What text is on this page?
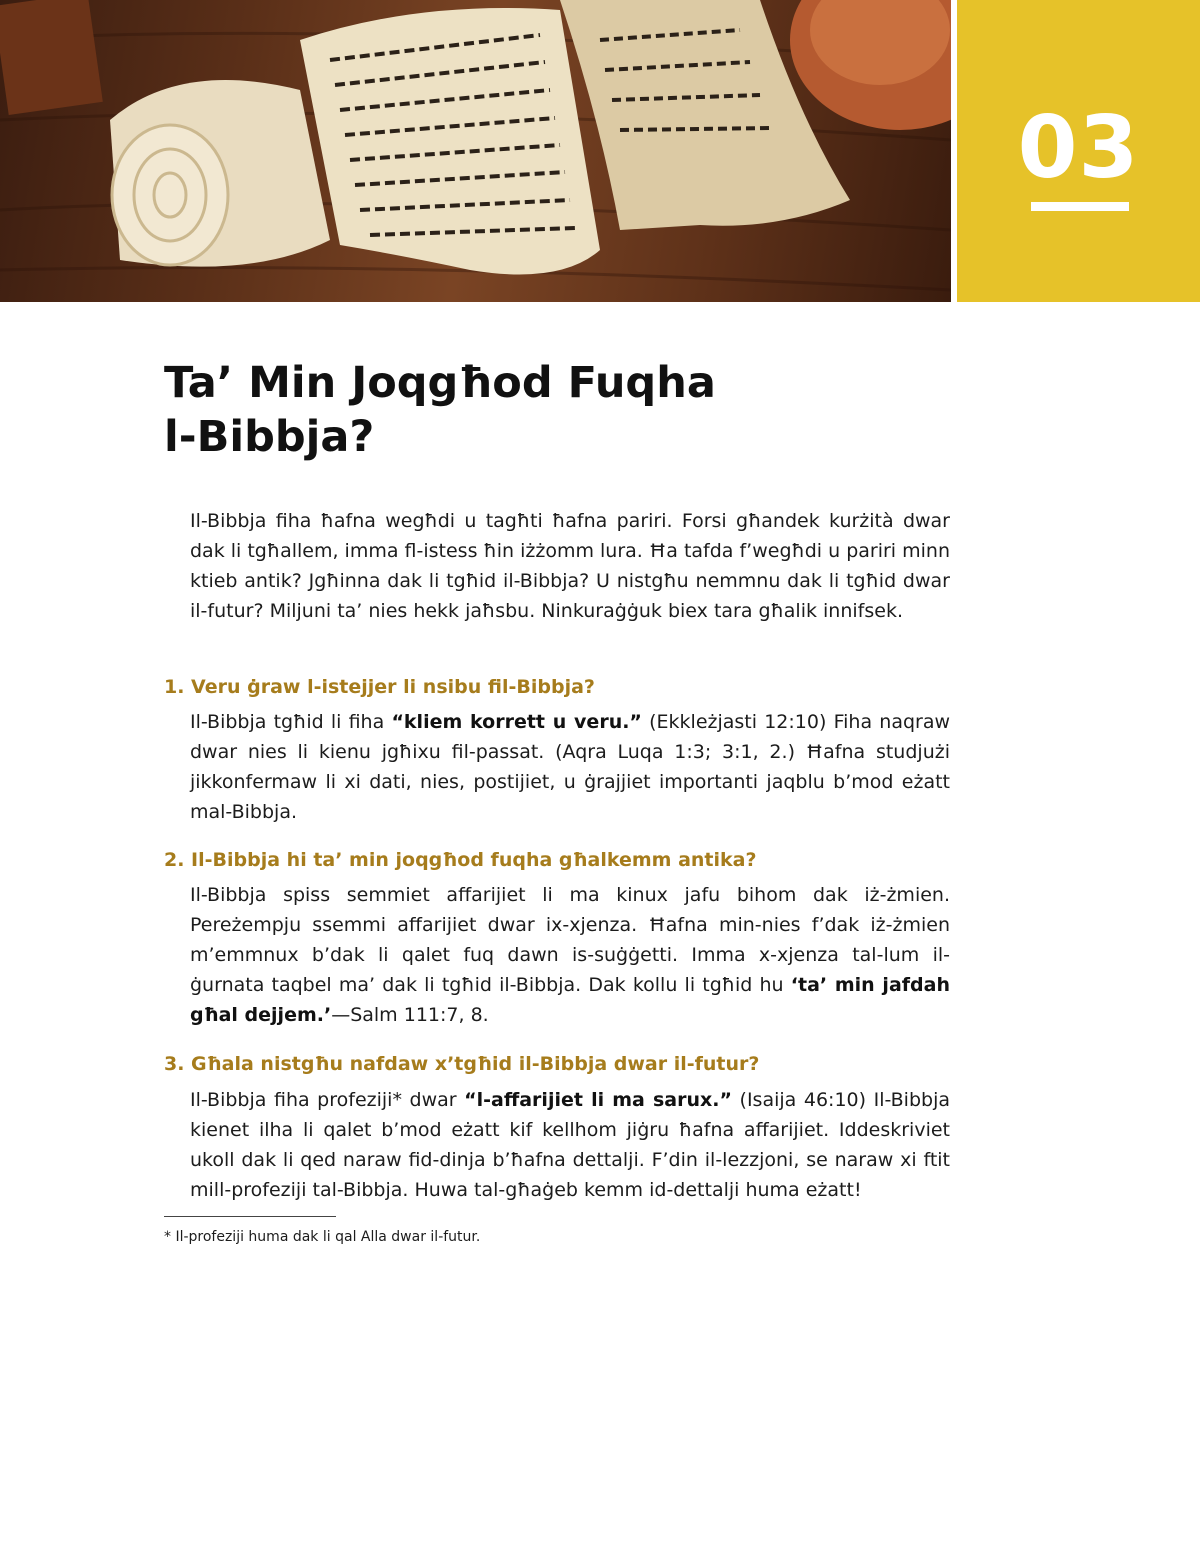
03
Ta’ Min Joqgħod Fuqha
l-Bibbja?

Il-Bibbja fiha ħafna wegħdi u tagħti ħafna pariri. Forsi għandek kurżità dwar dak li tgħallem, imma fl-istess ħin iżżomm lura. Ħa tafda f’wegħdi u pariri minn ktieb antik? Jgħinna dak li tgħid il-Bibbja? U nistgħu nemmnu dak li tgħid dwar il-futur? Miljuni ta’ nies hekk jaħsbu. Ninkuraġġuk biex tara għalik innifsek.

1. Veru ġraw l-istejjer li nsibu fil-Bibbja?

Il-Bibbja tgħid li fiha “kliem korrett u veru.” (Ekkleżjasti 12:10) Fiha naqraw dwar nies li kienu jgħixu fil-passat. (Aqra Luqa 1:3; 3:1, 2.) Ħafna studjużi jikkonfermaw li xi dati, nies, postijiet, u ġrajjiet importanti jaqblu b’mod eżatt mal-Bibbja.

2. Il-Bibbja hi ta’ min joqgħod fuqha għalkemm antika?

Il-Bibbja spiss semmiet affarijiet li ma kinux jafu bihom dak iż-żmien. Pereżempju ssemmi affarijiet dwar ix-xjenza. Ħafna min-nies f’dak iż-żmien m’emmnux b’dak li qalet fuq dawn is-suġġetti. Imma x-xjenza tal-lum il-ġurnata taqbel ma’ dak li tgħid il-Bibbja. Dak kollu li tgħid hu ‘ta’ min jafdah għal dejjem.’—Salm 111:7, 8.

3. Għala nistgħu nafdaw x’tgħid il-Bibbja dwar il-futur?

Il-Bibbja fiha profeziji* dwar “l-affarijiet li ma sarux.” (Isaija 46:10) Il-Bibbja kienet ilha li qalet b’mod eżatt kif kellhom jiġru ħafna affarijiet. Iddeskriviet ukoll dak li qed naraw fid-dinja b’ħafna dettalji. F’din il-lezzjoni, se naraw xi ftit mill-profeziji tal-Bibbja. Huwa tal-għaġeb kemm id-dettalji huma eżatt!

* Il-profeziji huma dak li qal Alla dwar il-futur.
